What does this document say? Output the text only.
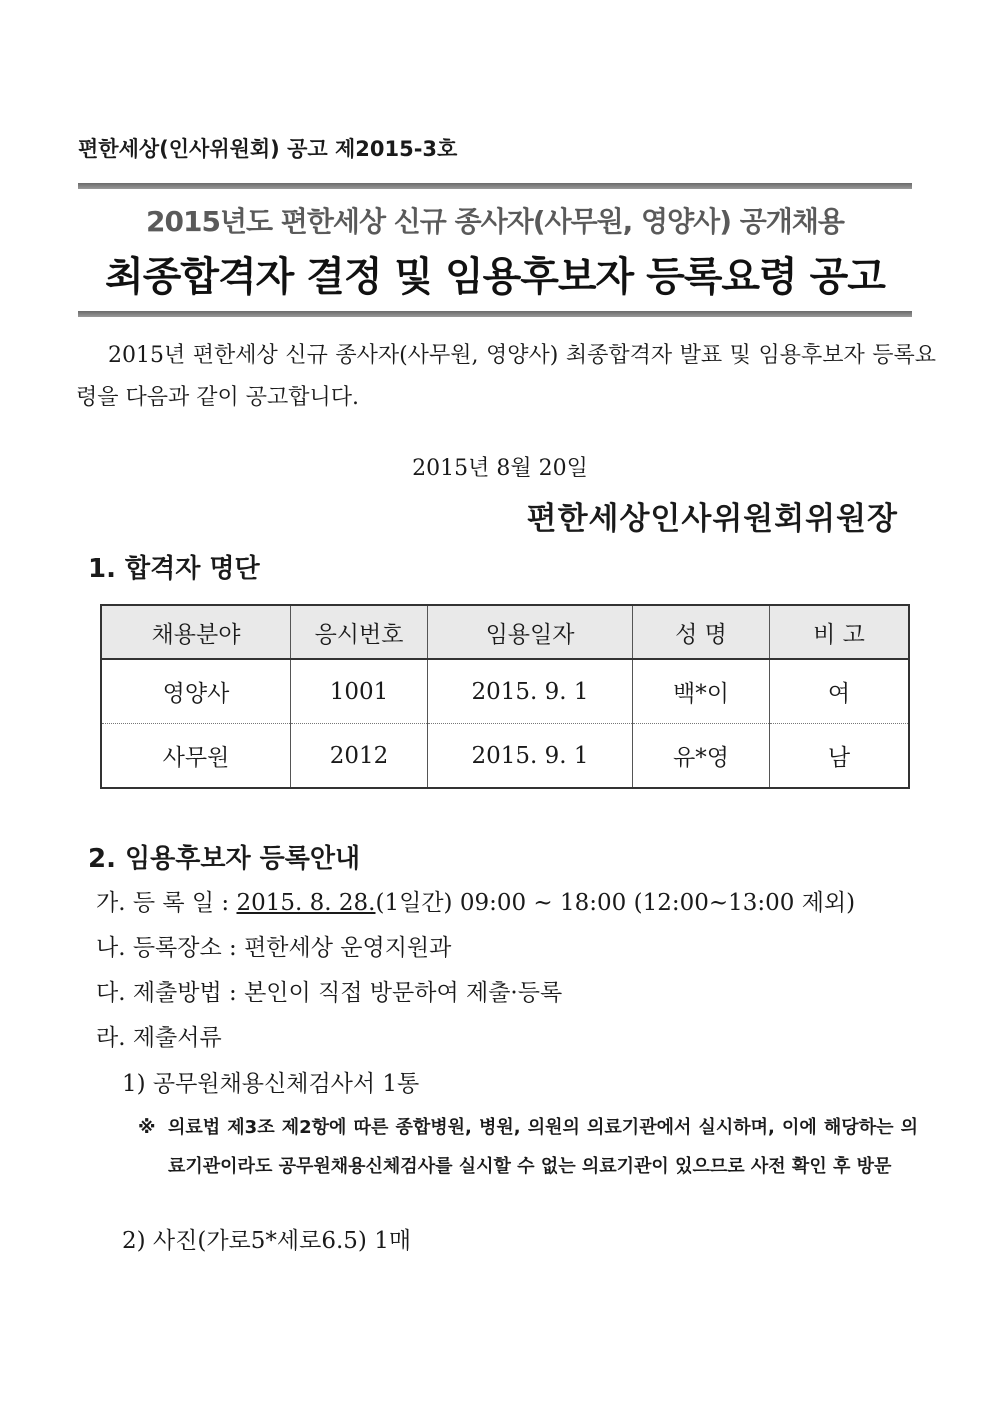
편한세상(인사위원회) 공고 제2015-3호
2015년도 편한세상 신규 종사자(사무원, 영양사) 공개채용
최종합격자 결정 및 임용후보자 등록요령 공고
2015년 편한세상 신규 종사자(사무원, 영양사) 최종합격자 발표 및 임용후보자 등록요령을 다음과 같이 공고합니다.
2015년 8월 20일
편한세상인사위원회위원장
1. 합격자 명단
채용분야	응시번호	임용일자	성 명	비 고
영양사	1001	2015. 9. 1	백*이	여
사무원	2012	2015. 9. 1	유*영	남
2. 임용후보자 등록안내
가. 등 록 일 : 2015. 8. 28.(1일간) 09:00 ~ 18:00 (12:00~13:00 제외)
나. 등록장소 : 편한세상 운영지원과
다. 제출방법 : 본인이 직접 방문하여 제출·등록
라. 제출서류
1) 공무원채용신체검사서 1통
※ 의료법 제3조 제2항에 따른 종합병원, 병원, 의원의 의료기관에서 실시하며, 이에 해당하는 의료기관이라도 공무원채용신체검사를 실시할 수 없는 의료기관이 있으므로 사전 확인 후 방문
2) 사진(가로5*세로6.5) 1매
